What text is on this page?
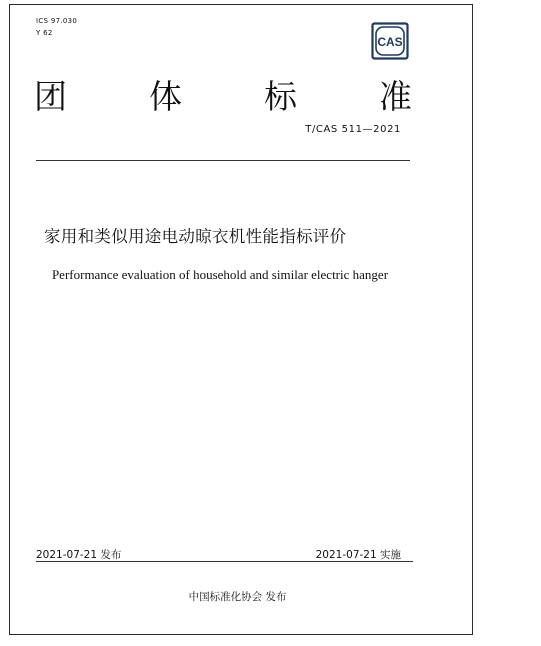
ICS 97.030
Y 62
CAS
团 体 标 准
T/CAS 511—2021
家用和类似用途电动晾衣机性能指标评价
Performance evaluation of household and similar electric hanger
2021-07-21 发布	2021-07-21 实施
中国标准化协会 发布
